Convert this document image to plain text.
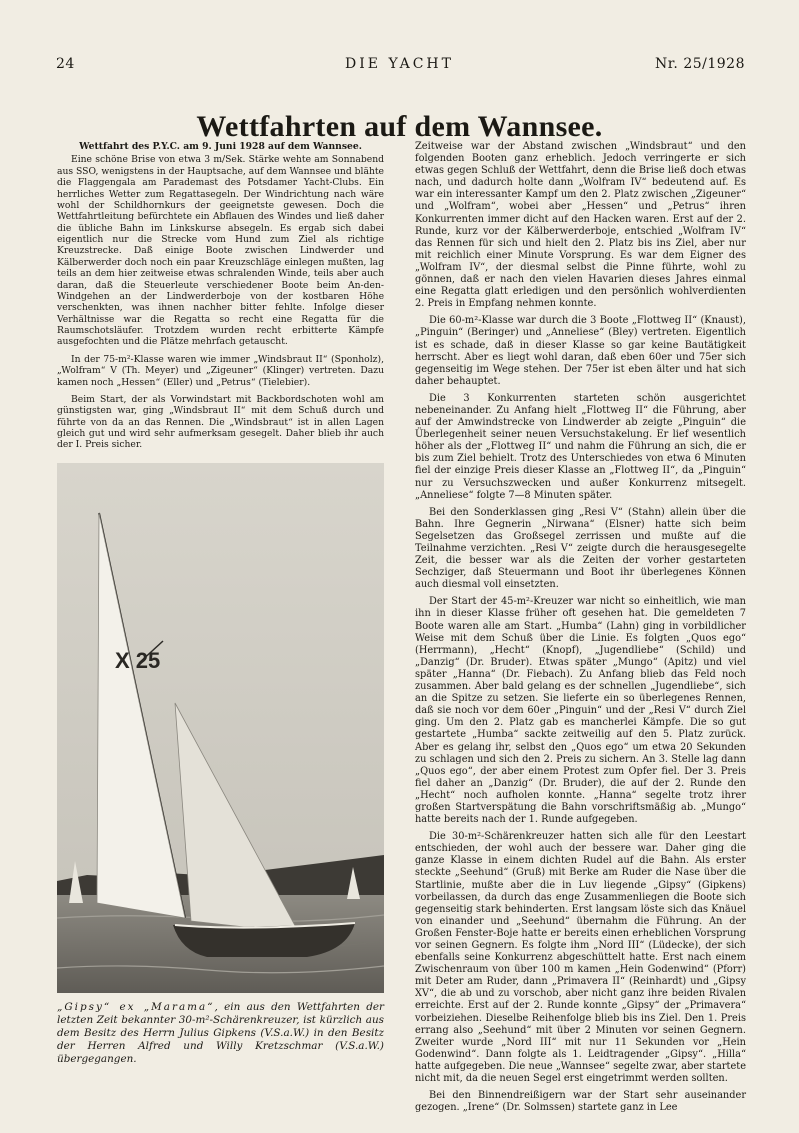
24	DIE YACHT	Nr. 25/1928
Wettfahrten auf dem Wannsee.

Wettfahrt des P.Y.C. am 9. Juni 1928 auf dem Wannsee.

Eine schöne Brise von etwa 3 m/Sek. Stärke wehte am Sonnabend aus SSO, wenigstens in der Hauptsache, auf dem Wannsee und blähte die Flaggengala am Parademast des Potsdamer Yacht-Clubs. Ein herrliches Wetter zum Regattasegeln. Der Windrichtung nach wäre wohl der Schildhornkurs der geeignetste gewesen. Doch die Wettfahrtleitung befürchtete ein Abflauen des Windes und ließ daher die übliche Bahn im Linkskurse absegeln. Es ergab sich dabei eigentlich nur die Strecke vom Hund zum Ziel als richtige Kreuzstrecke. Daß einige Boote zwischen Lindwerder und Kälberwerder doch noch ein paar Kreuzschläge einlegen mußten, lag teils an dem hier zeitweise etwas schralenden Winde, teils aber auch daran, daß die Steuerleute verschiedener Boote beim An-den-Windgehen an der Lindwerderboje von der kostbaren Höhe verschenkten, was ihnen nachher bitter fehlte. Infolge dieser Verhältnisse war die Regatta so recht eine Regatta für die Raumschotsläufer. Trotzdem wurden recht erbitterte Kämpfe ausgefochten und die Plätze mehrfach getauscht.

In der 75-m²-Klasse waren wie immer „Windsbraut II“ (Sponholz), „Wolfram“ V (Th. Meyer) und „Zigeuner“ (Klinger) vertreten. Dazu kamen noch „Hessen“ (Eller) und „Petrus“ (Tielebier).

Beim Start, der als Vorwindstart mit Backbordschoten wohl am günstigsten war, ging „Windsbraut II“ mit dem Schuß durch und führte von da an das Rennen. Die „Windsbraut“ ist in allen Lagen gleich gut und wird sehr aufmerksam gesegelt. Daher blieb ihr auch der I. Preis sicher.

X 25
„Gipsy“ ex „Marama“, ein aus den Wettfahrten der letzten Zeit bekannter 30-m²-Schärenkreuzer, ist kürzlich aus dem Besitz des Herrn Julius Gipkens (V.S.a.W.) in den Besitz der Herren Alfred und Willy Kretzschmar (V.S.a.W.) übergegangen.

Zeitweise war der Abstand zwischen „Windsbraut“ und den folgenden Booten ganz erheblich. Jedoch verringerte er sich etwas gegen Schluß der Wettfahrt, denn die Brise ließ doch etwas nach, und dadurch holte dann „Wolfram IV“ bedeutend auf. Es war ein interessanter Kampf um den 2. Platz zwischen „Zigeuner“ und „Wolfram“, wobei aber „Hessen“ und „Petrus“ ihren Konkurrenten immer dicht auf den Hacken waren. Erst auf der 2. Runde, kurz vor der Kälberwerderboje, entschied „Wolfram IV“ das Rennen für sich und hielt den 2. Platz bis ins Ziel, aber nur mit reichlich einer Minute Vorsprung. Es war dem Eigner des „Wolfram IV“, der diesmal selbst die Pinne führte, wohl zu gönnen, daß er nach den vielen Havarien dieses Jahres einmal eine Regatta glatt erledigen und den persönlich wohlverdienten 2. Preis in Empfang nehmen konnte.

Die 60-m²-Klasse war durch die 3 Boote „Flottweg II“ (Knaust), „Pinguin“ (Beringer) und „Anneliese“ (Bley) vertreten. Eigentlich ist es schade, daß in dieser Klasse so gar keine Bautätigkeit herrscht. Aber es liegt wohl daran, daß eben 60er und 75er sich gegenseitig im Wege stehen. Der 75er ist eben älter und hat sich daher behauptet.

Die 3 Konkurrenten starteten schön ausgerichtet nebeneinander. Zu Anfang hielt „Flottweg II“ die Führung, aber auf der Amwindstrecke von Lindwerder ab zeigte „Pinguin“ die Überlegenheit seiner neuen Versuchstakelung. Er lief wesentlich höher als der „Flottweg II“ und nahm die Führung an sich, die er bis zum Ziel behielt. Trotz des Unterschiedes von etwa 6 Minuten fiel der einzige Preis dieser Klasse an „Flottweg II“, da „Pinguin“ nur zu Versuchszwecken und außer Konkurrenz mitsegelt. „Anneliese“ folgte 7—8 Minuten später.

Bei den Sonderklassen ging „Resi V“ (Stahn) allein über die Bahn. Ihre Gegnerin „Nirwana“ (Elsner) hatte sich beim Segelsetzen das Großsegel zerrissen und mußte auf die Teilnahme verzichten. „Resi V“ zeigte durch die herausgesegelte Zeit, die besser war als die Zeiten der vorher gestarteten Sechziger, daß Steuermann und Boot ihr überlegenes Können auch diesmal voll einsetzten.

Der Start der 45-m²-Kreuzer war nicht so einheitlich, wie man ihn in dieser Klasse früher oft gesehen hat. Die gemeldeten 7 Boote waren alle am Start. „Humba“ (Lahn) ging in vorbildlicher Weise mit dem Schuß über die Linie. Es folgten „Quos ego“ (Herrmann), „Hecht“ (Knopf), „Jugendliebe“ (Schild) und „Danzig“ (Dr. Bruder). Etwas später „Mungo“ (Apitz) und viel später „Hanna“ (Dr. Fiebach). Zu Anfang blieb das Feld noch zusammen. Aber bald gelang es der schnellen „Jugendliebe“, sich an die Spitze zu setzen. Sie lieferte ein so überlegenes Rennen, daß sie noch vor dem 60er „Pinguin“ und der „Resi V“ durch Ziel ging. Um den 2. Platz gab es mancherlei Kämpfe. Die so gut gestartete „Humba“ sackte zeitweilig auf den 5. Platz zurück. Aber es gelang ihr, selbst den „Quos ego“ um etwa 20 Sekunden zu schlagen und sich den 2. Preis zu sichern. An 3. Stelle lag dann „Quos ego“, der aber einem Protest zum Opfer fiel. Der 3. Preis fiel daher an „Danzig“ (Dr. Bruder), die auf der 2. Runde den „Hecht“ noch aufholen konnte. „Hanna“ segelte trotz ihrer großen Startverspätung die Bahn vorschriftsmäßig ab. „Mungo“ hatte bereits nach der 1. Runde aufgegeben.

Die 30-m²-Schärenkreuzer hatten sich alle für den Leestart entschieden, der wohl auch der bessere war. Daher ging die ganze Klasse in einem dichten Rudel auf die Bahn. Als erster steckte „Seehund“ (Gruß) mit Berke am Ruder die Nase über die Startlinie, mußte aber die in Luv liegende „Gipsy“ (Gipkens) vorbeilassen, da durch das enge Zusammenliegen die Boote sich gegenseitig stark behinderten. Erst langsam löste sich das Knäuel von einander und „Seehund“ übernahm die Führung. An der Großen Fenster-Boje hatte er bereits einen erheblichen Vorsprung vor seinen Gegnern. Es folgte ihm „Nord III“ (Lüdecke), der sich ebenfalls seine Konkurrenz abgeschüttelt hatte. Erst nach einem Zwischenraum von über 100 m kamen „Hein Godenwind“ (Pforr) mit Deter am Ruder, dann „Primavera II“ (Reinhardt) und „Gipsy XV“, die ab und zu vorschob, aber nicht ganz ihre beiden Rivalen erreichte. Erst auf der 2. Runde konnte „Gipsy“ der „Primavera“ vorbeiziehen. Dieselbe Reihenfolge blieb bis ins Ziel. Den 1. Preis errang also „Seehund“ mit über 2 Minuten vor seinen Gegnern. Zweiter wurde „Nord III“ mit nur 11 Sekunden vor „Hein Godenwind“. Dann folgte als 1. Leidtragender „Gipsy“. „Hilla“ hatte aufgegeben. Die neue „Wannsee“ segelte zwar, aber startete nicht mit, da die neuen Segel erst eingetrimmt werden sollten.

Bei den Binnendreißigern war der Start sehr auseinander gezogen. „Irene“ (Dr. Solmssen) startete ganz in Lee
